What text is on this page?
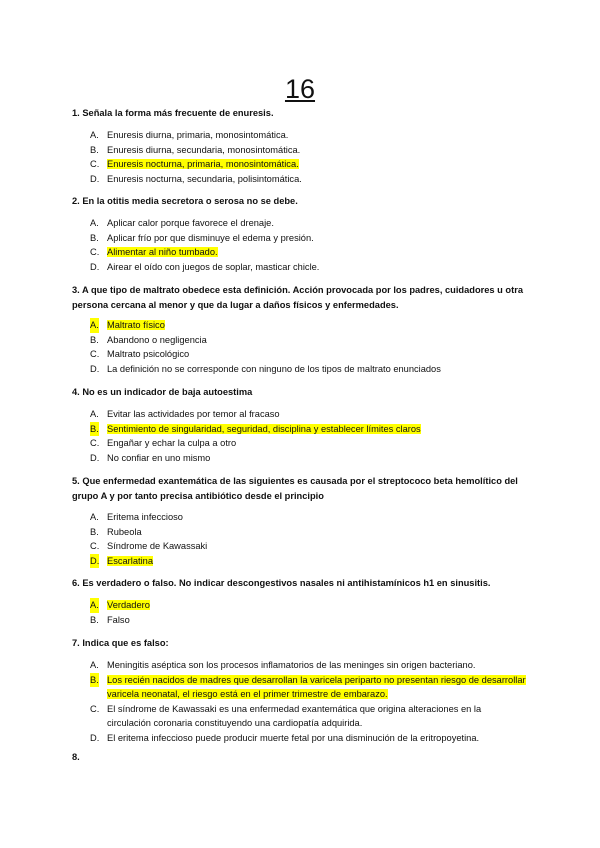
16
1. Señala la forma más frecuente de enuresis.
A. Enuresis diurna, primaria, monosintomática.
B. Enuresis diurna, secundaria, monosintomática.
C. Enuresis nocturna, primaria, monosintomática.
D. Enuresis nocturna, secundaria, polisintomática.
2. En la otitis media secretora o serosa no se debe.
A. Aplicar calor porque favorece el drenaje.
B. Aplicar frío por que disminuye el edema y presión.
C. Alimentar al niño tumbado.
D. Airear el oído con juegos de soplar, masticar chicle.
3. A que tipo de maltrato obedece esta definición. Acción provocada por los padres, cuidadores u otra persona cercana al menor y que da lugar a daños físicos y enfermedades.
A. Maltrato físico
B. Abandono o negligencia
C. Maltrato psicológico
D. La definición no se corresponde con ninguno de los tipos de maltrato enunciados
4. No es un indicador de baja autoestima
A. Evitar las actividades por temor al fracaso
B. Sentimiento de singularidad, seguridad, disciplina y establecer límites claros
C. Engañar y echar la culpa a otro
D. No confiar en uno mismo
5. Que enfermedad exantemática de las siguientes es causada por el streptococo beta hemolítico del grupo A y por tanto precisa antibiótico desde el principio
A. Eritema infeccioso
B. Rubeola
C. Síndrome de Kawassaki
D. Escarlatina
6. Es verdadero o falso. No indicar descongestivos nasales ni antihistamínicos h1 en sinusitis.
A. Verdadero
B. Falso
7. Indica que es falso:
A. Meningitis aséptica son los procesos inflamatorios de las meninges sin origen bacteriano.
B. Los recién nacidos de madres que desarrollan la varicela periparto no presentan riesgo de desarrollar varicela neonatal, el riesgo está en el primer trimestre de embarazo.
C. El síndrome de Kawassaki es una enfermedad exantemática que origina alteraciones en la circulación coronaria constituyendo una cardiopatía adquirida.
D. El eritema infeccioso puede producir muerte fetal por una disminución de la eritropoyetina.
8.
